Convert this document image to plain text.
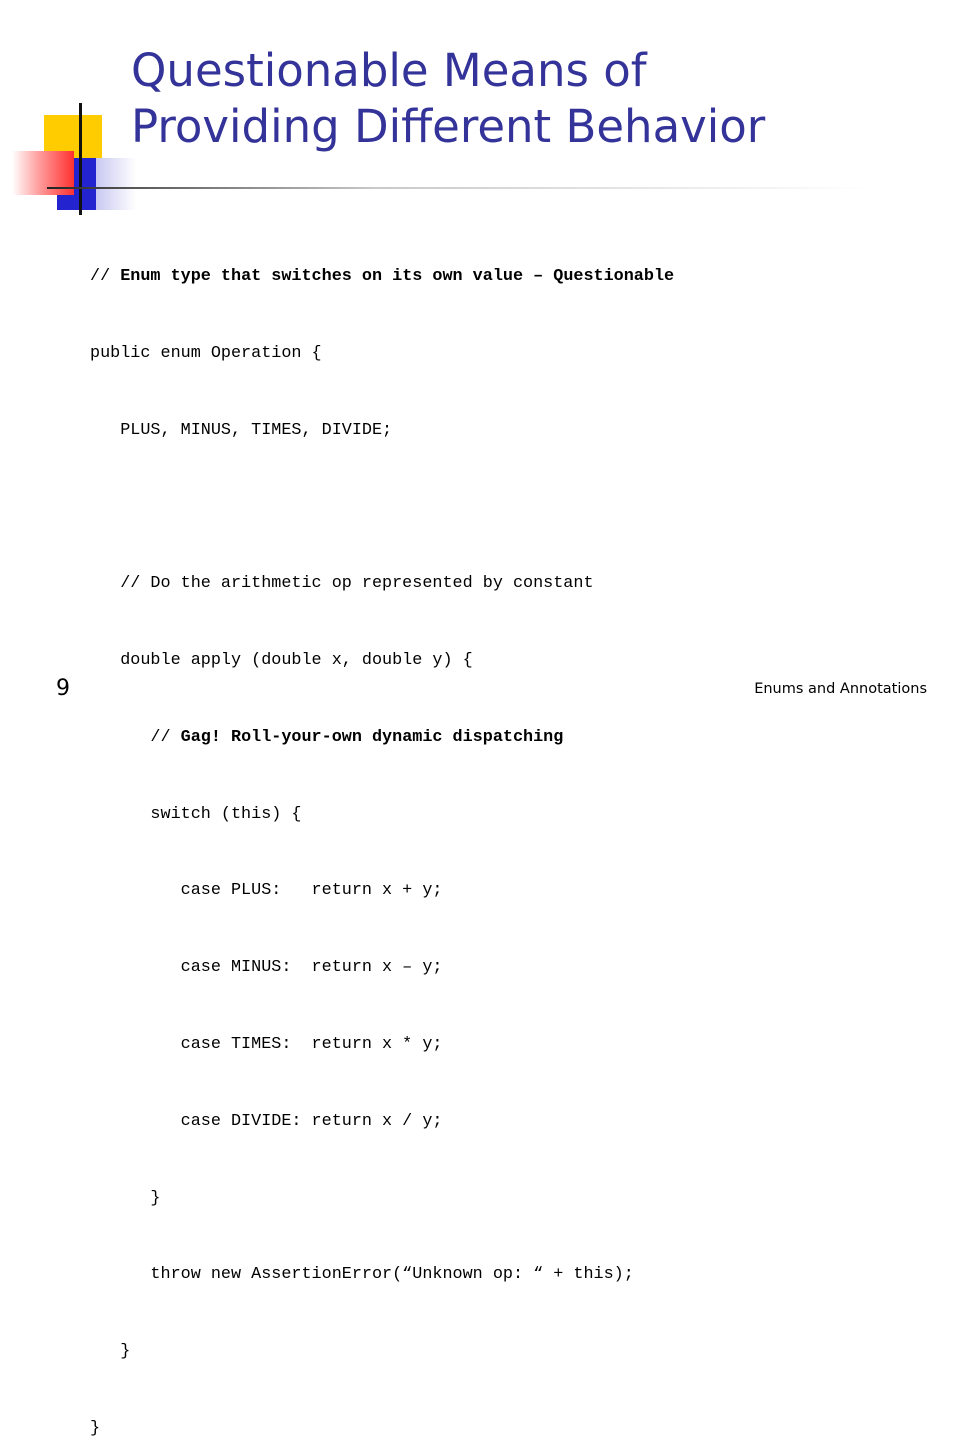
Questionable Means of
Providing Different Behavior

// Enum type that switches on its own value – Questionable

public enum Operation {

PLUS, MINUS, TIMES, DIVIDE;

// Do the arithmetic op represented by constant

double apply (double x, double y) {

// Gag! Roll-your-own dynamic dispatching

switch (this) {

case PLUS:   return x + y;

case MINUS:  return x – y;

case TIMES:  return x * y;

case DIVIDE: return x / y;

}

throw new AssertionError(“Unknown op: “ + this);

}

}

9	Enums and Annotations
